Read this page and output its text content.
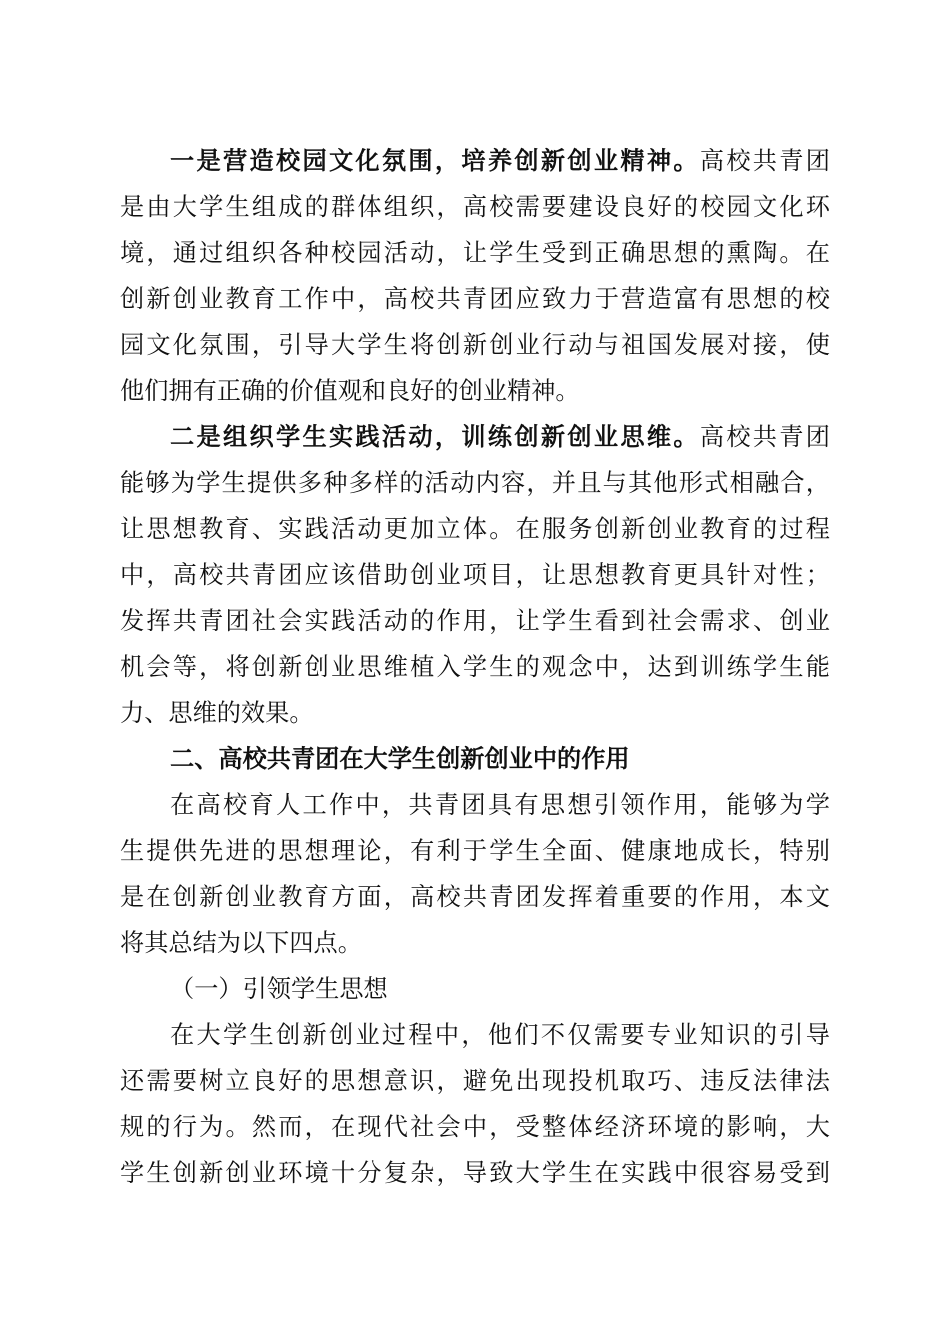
一是营造校园文化氛围，培养创新创业精神。高校共青团
是由大学生组成的群体组织，高校需要建设良好的校园文化环
境，通过组织各种校园活动，让学生受到正确思想的熏陶。在
创新创业教育工作中，高校共青团应致力于营造富有思想的校
园文化氛围，引导大学生将创新创业行动与祖国发展对接，使
他们拥有正确的价值观和良好的创业精神。
二是组织学生实践活动，训练创新创业思维。高校共青团
能够为学生提供多种多样的活动内容，并且与其他形式相融合，
让思想教育、实践活动更加立体。在服务创新创业教育的过程
中，高校共青团应该借助创业项目，让思想教育更具针对性；
发挥共青团社会实践活动的作用，让学生看到社会需求、创业
机会等，将创新创业思维植入学生的观念中，达到训练学生能
力、思维的效果。
二、高校共青团在大学生创新创业中的作用
在高校育人工作中，共青团具有思想引领作用，能够为学
生提供先进的思想理论，有利于学生全面、健康地成长，特别
是在创新创业教育方面，高校共青团发挥着重要的作用，本文
将其总结为以下四点。
（一）引领学生思想
在大学生创新创业过程中，他们不仅需要专业知识的引导
还需要树立良好的思想意识，避免出现投机取巧、违反法律法
规的行为。然而，在现代社会中，受整体经济环境的影响，大
学生创新创业环境十分复杂，导致大学生在实践中很容易受到
